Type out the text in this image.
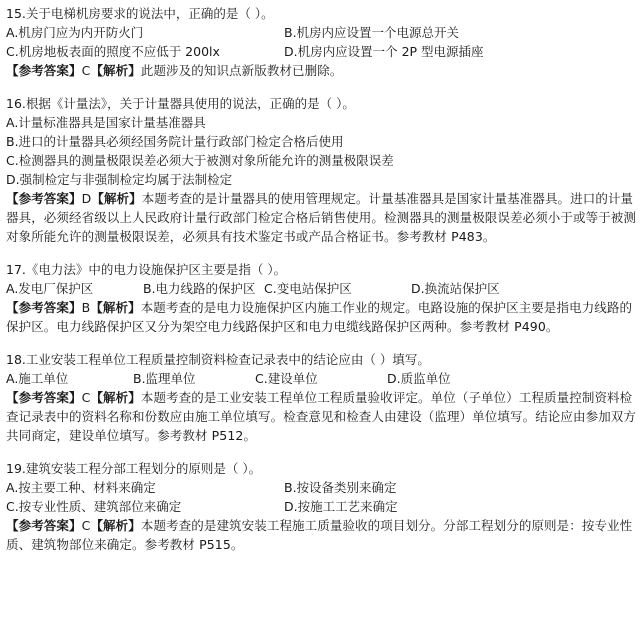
15.关于电梯机房要求的说法中，正确的是（ ）。
A.机房门应为内开防火门	B.机房内应设置一个电源总开关
C.机房地板表面的照度不应低于 200lx	D.机房内应设置一个 2P 型电源插座
【参考答案】C【解析】此题涉及的知识点新版教材已删除。
16.根据《计量法》，关于计量器具使用的说法，正确的是（ ）。
A.计量标准器具是国家计量基准器具
B.进口的计量器具必须经国务院计量行政部门检定合格后使用
C.检测器具的测量极限误差必须大于被测对象所能允许的测量极限误差
D.强制检定与非强制检定均属于法制检定
【参考答案】D【解析】本题考查的是计量器具的使用管理规定。计量基准器具是国家计量基准器具。进口的计量器具，必须经省级以上人民政府计量行政部门检定合格后销售使用。检测器具的测量极限误差必须小于或等于被测对象所能允许的测量极限误差，必须具有技术鉴定书或产品合格证书。参考教材 P483。
17.《电力法》中的电力设施保护区主要是指（ ）。
A.发电厂保护区	B.电力线路的保护区 C.变电站保护区	D.换流站保护区
【参考答案】B【解析】本题考查的是电力设施保护区内施工作业的规定。电路设施的保护区主要是指电力线路的保护区。电力线路保护区又分为架空电力线路保护区和电力电缆线路保护区两种。参考教材 P490。
18.工业安装工程单位工程质量控制资料检查记录表中的结论应由（ ）填写。
A.施工单位	B.监理单位	C.建设单位	D.质监单位
【参考答案】C【解析】本题考查的是工业安装工程单位工程质量验收评定。单位（子单位）工程质量控制资料检查记录表中的资料名称和份数应由施工单位填写。检查意见和检查人由建设（监理）单位填写。结论应由参加双方共同商定，建设单位填写。参考教材 P512。
19.建筑安装工程分部工程划分的原则是（ ）。
A.按主要工种、材料来确定	B.按设备类别来确定
C.按专业性质、建筑部位来确定	D.按施工工艺来确定
【参考答案】C【解析】本题考查的是建筑安装工程施工质量验收的项目划分。分部工程划分的原则是：按专业性质、建筑物部位来确定。参考教材 P515。
